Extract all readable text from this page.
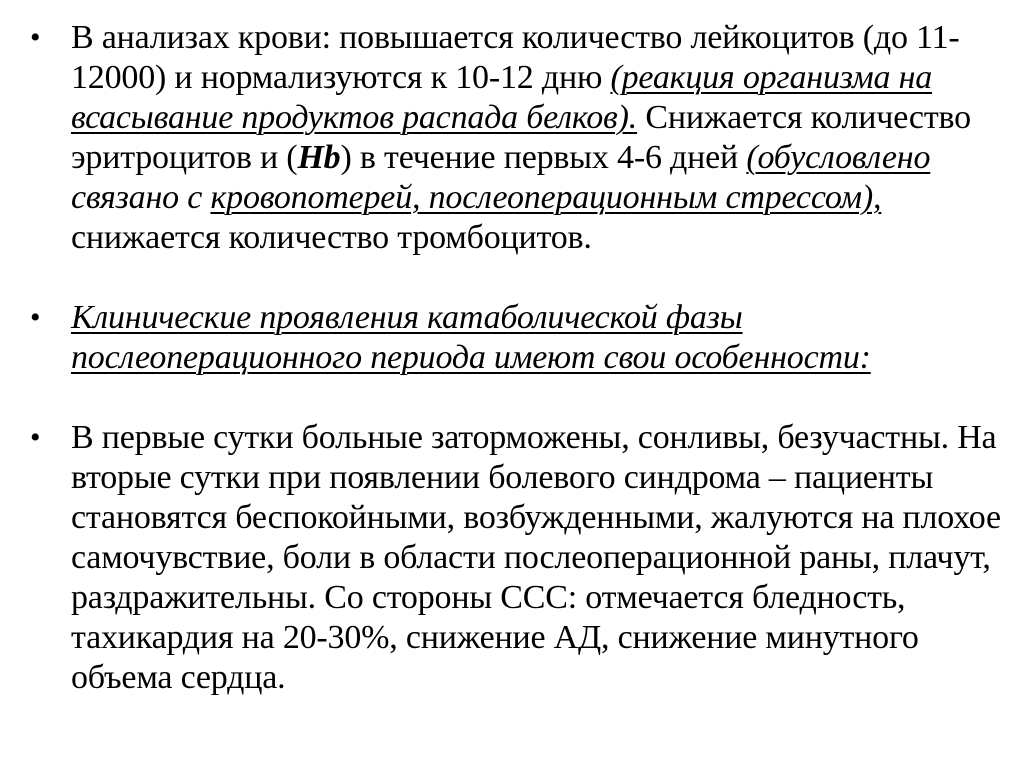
• В анализах крови: повышается количество лейкоцитов (до 11-12000) и нормализуются к 10-12 дню (реакция организма на всасывание продуктов распада белков). Снижается количество эритроцитов и (Hb) в течение первых 4-6 дней (обусловлено связано с кровопотерей, послеоперационным стрессом), снижается количество тромбоцитов.
• Клинические проявления катаболической фазы послеоперационного периода имеют свои особенности:
• В первые сутки больные заторможены, сонливы, безучастны. На вторые сутки при появлении болевого синдрома – пациенты становятся беспокойными, возбужденными, жалуются на плохое самочувствие, боли в области послеоперационной раны, плачут, раздражительны. Со стороны ССС: отмечается бледность, тахикардия на 20-30%, снижение АД, снижение минутного объема сердца.
